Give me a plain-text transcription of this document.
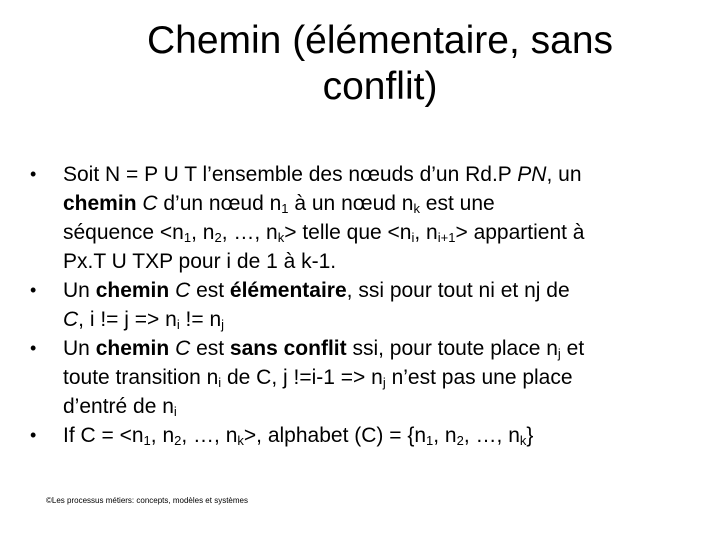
Chemin (élémentaire, sans
conflit)
• Soit N = P U T l’ensemble des nœuds d’un Rd.P PN, un
chemin C d’un nœud $n_1$ à un nœud $n_k$ est une
séquence $<n_1$, $n_2$, …, $n_k>$ telle que $<n_i$, $n_{i+1}>$ appartient à
Px.T U TXP pour i de 1 à k-1.
• Un chemin C est élémentaire, ssi pour tout ni et nj de
C, i != $j => n_i$ != $n_j$
• Un chemin C est sans conflit ssi, pour toute place $n_j$ et
toute transition $n_i$ de C, j $!=i-1 => n_j$ n’est pas une place
d’entré de $n_i$
• If $C = <n_1$, $n_2$, …, $n_k>$, alphabet $(C) = \{n_1$, $n_2$, …, $n_k$}
©Les processus métiers: concepts, modèles et systèmes
